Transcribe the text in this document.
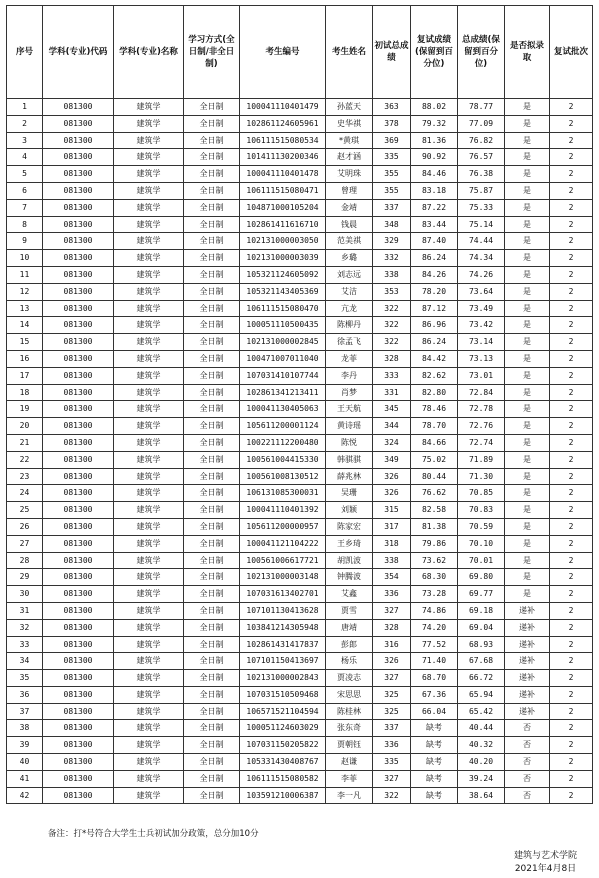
序号	学科(专业)代码	学科(专业)名称	学习方式(全日制/非全日制)	考生编号	考生姓名	初试总成绩	复试成绩(保留到百分位)	总成绩(保留到百分位)	是否拟录取	复试批次
1	081300	建筑学	全日制	100041110401479	孙蓝天	363	88.02	78.77	是	2
2	081300	建筑学	全日制	102861124605961	史华祺	378	79.32	77.09	是	2
3	081300	建筑学	全日制	106111515080534	*黄琪	369	81.36	76.82	是	2
4	081300	建筑学	全日制	101411130200346	赵才涵	335	90.92	76.57	是	2
5	081300	建筑学	全日制	100041110401478	艾明珠	355	84.46	76.38	是	2
6	081300	建筑学	全日制	106111515080471	曾理	355	83.18	75.87	是	2
7	081300	建筑学	全日制	104871000105204	金靖	337	87.22	75.33	是	2
8	081300	建筑学	全日制	102861411616710	钱晨	348	83.44	75.14	是	2
9	081300	建筑学	全日制	102131000003050	范美祺	329	87.40	74.44	是	2
10	081300	建筑学	全日制	102131000003039	乡璐	332	86.24	74.34	是	2
11	081300	建筑学	全日制	105321124605092	刘志远	338	84.26	74.26	是	2
12	081300	建筑学	全日制	105321143405369	艾洁	353	78.20	73.64	是	2
13	081300	建筑学	全日制	106111515080470	亢龙	322	87.12	73.49	是	2
14	081300	建筑学	全日制	100051110500435	陈柳丹	322	86.96	73.42	是	2
15	081300	建筑学	全日制	102131000002845	徐孟飞	322	86.24	73.14	是	2
16	081300	建筑学	全日制	100471007011040	龙菲	328	84.42	73.13	是	2
17	081300	建筑学	全日制	107031410107744	李丹	333	82.62	73.01	是	2
18	081300	建筑学	全日制	102861341213411	肖梦	331	82.80	72.84	是	2
19	081300	建筑学	全日制	100041130405063	王天航	345	78.46	72.78	是	2
20	081300	建筑学	全日制	105611200001124	黄诗瑶	344	78.70	72.76	是	2
21	081300	建筑学	全日制	100221112200480	陈悦	324	84.66	72.74	是	2
22	081300	建筑学	全日制	100561004415330	韩骐骐	349	75.02	71.89	是	2
23	081300	建筑学	全日制	100561008130512	薛兆林	326	80.44	71.30	是	2
24	081300	建筑学	全日制	106131085300031	吴珊	326	76.62	70.85	是	2
25	081300	建筑学	全日制	100041110401392	刘颖	315	82.58	70.83	是	2
26	081300	建筑学	全日制	105611200000957	陈家宏	317	81.38	70.59	是	2
27	081300	建筑学	全日制	100041121104222	王乡琦	318	79.86	70.10	是	2
28	081300	建筑学	全日制	100561006617721	胡凯波	338	73.62	70.01	是	2
29	081300	建筑学	全日制	102131000003148	钟腾波	354	68.30	69.80	是	2
30	081300	建筑学	全日制	107031613402701	艾鑫	336	73.28	69.77	是	2
31	081300	建筑学	全日制	107101130413628	贾雪	327	74.86	69.18	递补	2
32	081300	建筑学	全日制	103841214305948	唐靖	328	74.20	69.04	递补	2
33	081300	建筑学	全日制	102861431417837	彭郎	316	77.52	68.93	递补	2
34	081300	建筑学	全日制	107101150413697	杨乐	326	71.40	67.68	递补	2
35	081300	建筑学	全日制	102131000002843	贾凌志	327	68.70	66.72	递补	2
36	081300	建筑学	全日制	107031510509468	宋思思	325	67.36	65.94	递补	2
37	081300	建筑学	全日制	106571521104594	陈桂林	325	66.04	65.42	递补	2
38	081300	建筑学	全日制	100051124603029	张东奇	337	缺考	40.44	否	2
39	081300	建筑学	全日制	107031150205822	贾朝钰	336	缺考	40.32	否	2
40	081300	建筑学	全日制	105331430408767	赵谦	335	缺考	40.20	否	2
41	081300	建筑学	全日制	106111515080582	李菲	327	缺考	39.24	否	2
42	081300	建筑学	全日制	103591210006387	李一凡	322	缺考	38.64	否	2
备注：打*号符合大学生士兵初试加分政策，总分加10分
建筑与艺术学院
2021年4月8日
